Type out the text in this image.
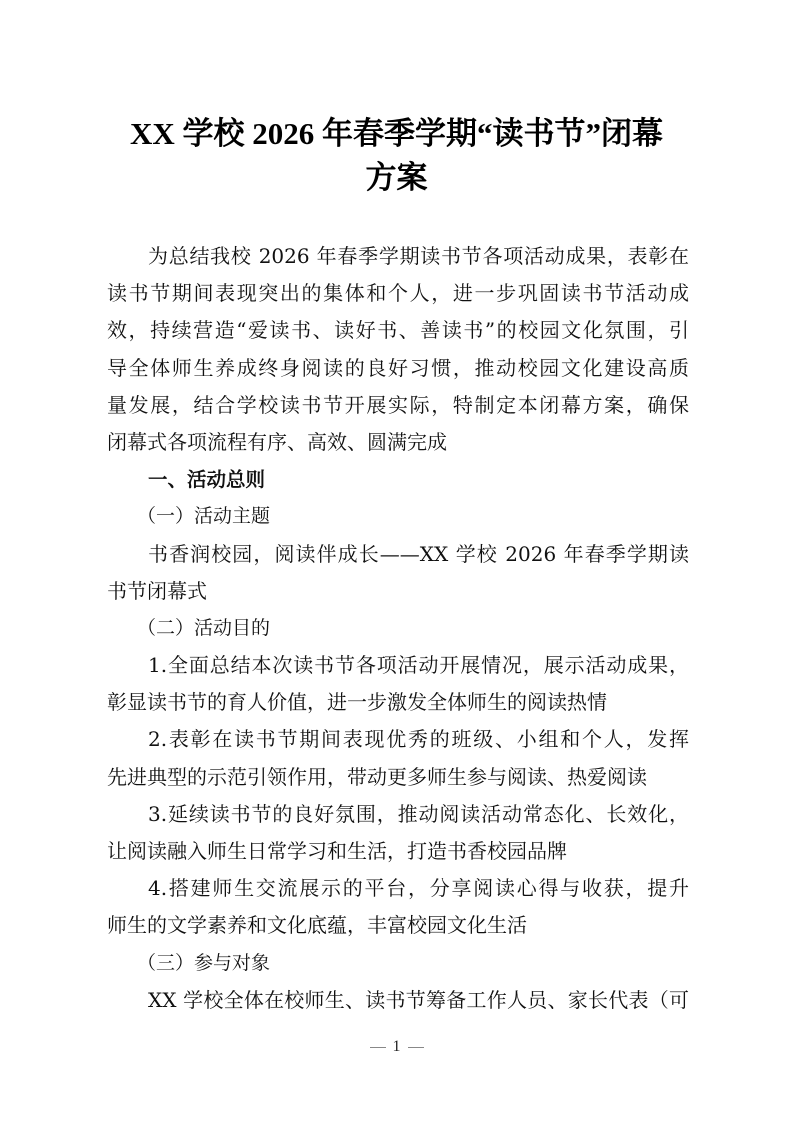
XX 学校 2026 年春季学期“读书节”闭幕
方案
为总结我校 2026 年春季学期读书节各项活动成果，表彰在
读书节期间表现突出的集体和个人，进一步巩固读书节活动成
效，持续营造“爱读书、读好书、善读书”的校园文化氛围，引
导全体师生养成终身阅读的良好习惯，推动校园文化建设高质
量发展，结合学校读书节开展实际，特制定本闭幕方案，确保
闭幕式各项流程有序、高效、圆满完成
一、活动总则
（一）活动主题
书香润校园，阅读伴成长——XX 学校 2026 年春季学期读
书节闭幕式
（二）活动目的
1.全面总结本次读书节各项活动开展情况，展示活动成果，
彰显读书节的育人价值，进一步激发全体师生的阅读热情
2.表彰在读书节期间表现优秀的班级、小组和个人，发挥
先进典型的示范引领作用，带动更多师生参与阅读、热爱阅读
3.延续读书节的良好氛围，推动阅读活动常态化、长效化，
让阅读融入师生日常学习和生活，打造书香校园品牌
4.搭建师生交流展示的平台，分享阅读心得与收获，提升
师生的文学素养和文化底蕴，丰富校园文化生活
（三）参与对象
XX 学校全体在校师生、读书节筹备工作人员、家长代表（可
1
